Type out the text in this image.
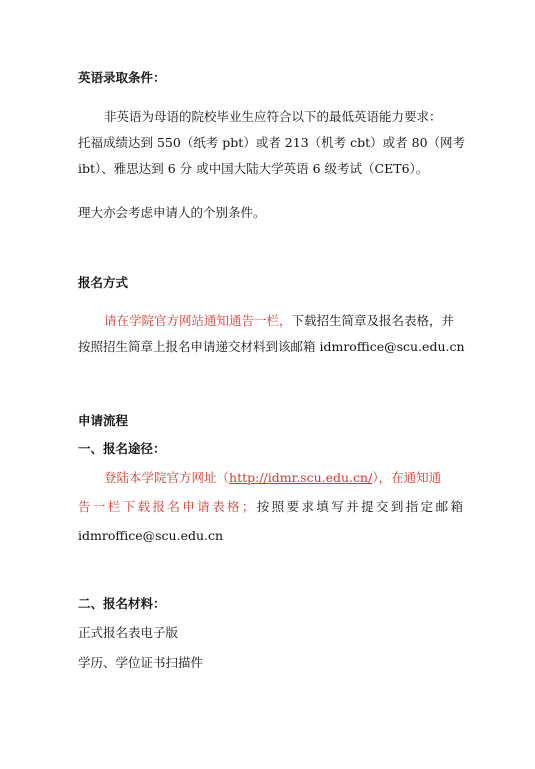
英语录取条件：
非英语为母语的院校毕业生应符合以下的最低英语能力要求：
托福成绩达到 550（纸考 pbt）或者 213（机考 cbt）或者 80（网考
ibt）、雅思达到 6 分 或中国大陆大学英语 6 级考试（CET6）。
理大亦会考虑申请人的个别条件。
报名方式
请在学院官方网站通知通告一栏，下载招生简章及报名表格，并
按照招生简章上报名申请递交材料到该邮箱 idmroffice@scu.edu.cn
申请流程
一、报名途径：
登陆本学院官方网址（http://idmr.scu.edu.cn/），在通知通
告一栏下载报名申请表格；按照要求填写并提交到指定邮箱
idmroffice@scu.edu.cn
二、报名材料：
正式报名表电子版
学历、学位证书扫描件
